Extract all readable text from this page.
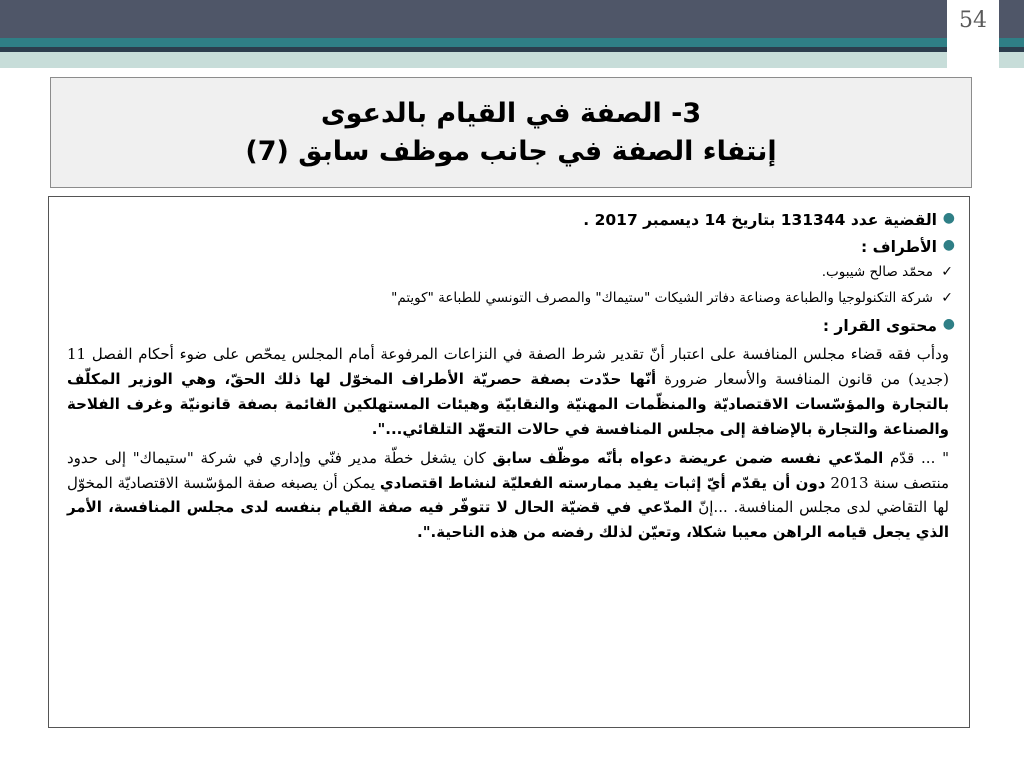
54
3- الصفة في القيام بالدعوى
إنتفاء الصفة في جانب موظف سابق (7)
●
القضية عدد 131344 بتاريخ 14 ديسمبر 2017 .
●
الأطراف :
✓
محمّد صالح شيبوب.
✓
شركة التكنولوجيا والطباعة وصناعة دفاتر الشيكات "ستيماك" والمصرف التونسي للطباعة "كويتم"
●
محتوى القرار :

ودأب فقه قضاء مجلس المنافسة على اعتبار أنّ تقدير شرط الصفة في النزاعات المرفوعة أمام المجلس يمحّص على ضوء أحكام الفصل 11 (جديد) من قانون المنافسة والأسعار ضرورة أنّها حدّدت بصفة حصريّة الأطراف المخوّل لها ذلك الحقّ، وهي الوزير المكلّف بالتجارة والمؤسّسات الاقتصاديّة والمنظّمات المهنيّة والنقابيّة وهيئات المستهلكين القائمة بصفة قانونيّة وغرف الفلاحة والصناعة والتجارة بالإضافة إلى مجلس المنافسة في حالات التعهّد التلقائي...".

" ... قدّم المدّعي نفسه ضمن عريضة دعواه بأنّه موظّف سابق كان يشغل خطّة مدير فنّي وإداري في شركة "ستيماك" إلى حدود منتصف سنة 2013 دون أن يقدّم أيّ إثبات يفيد ممارسته الفعليّة لنشاط اقتصادي يمكن أن يصبغه صفة المؤسّسة الاقتصاديّة المخوّل لها التقاضي لدى مجلس المنافسة. ...إنّ المدّعي في قضيّة الحال لا تتوفّر فيه صفة القيام بنفسه لدى مجلس المنافسة، الأمر الذي يجعل قيامه الراهن معيبا شكلا، وتعيّن لذلك رفضه من هذه الناحية.".
